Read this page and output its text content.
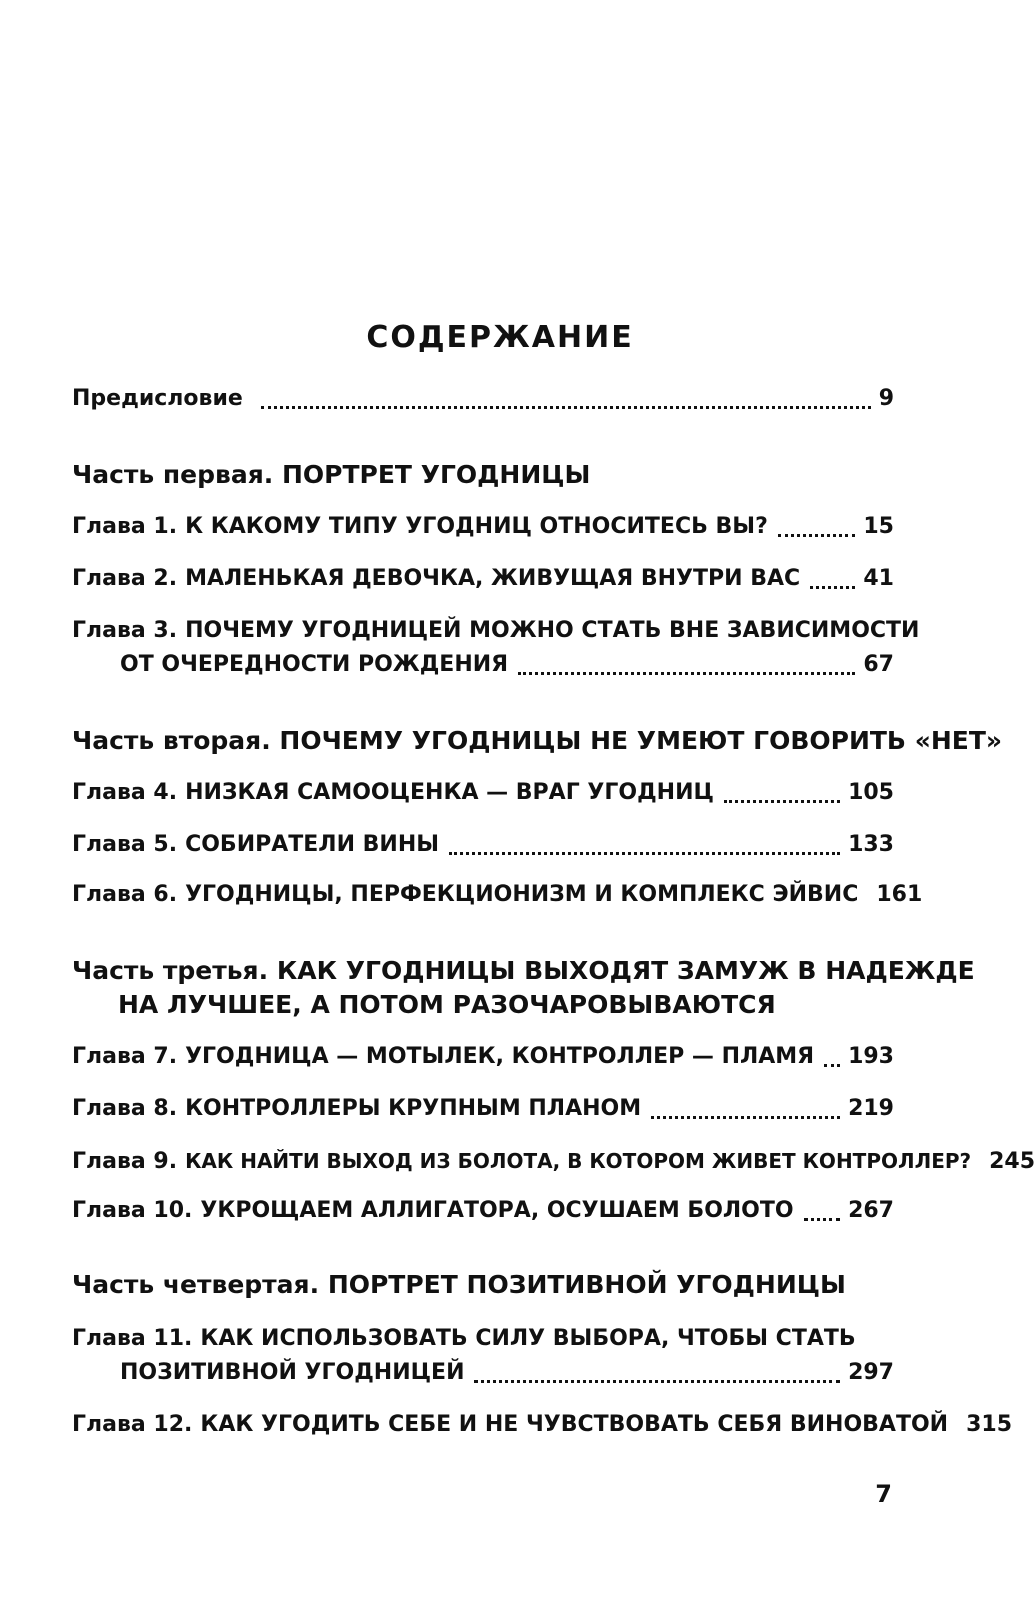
СОДЕРЖАНИЕ
Предисловие	9
Часть первая. ПОРТРЕТ УГОДНИЦЫ
Глава 1. К КАКОМУ ТИПУ УГОДНИЦ ОТНОСИТЕСЬ ВЫ?	15
Глава 2. МАЛЕНЬКАЯ ДЕВОЧКА, ЖИВУЩАЯ ВНУТРИ ВАС	41
Глава 3. ПОЧЕМУ УГОДНИЦЕЙ МОЖНО СТАТЬ ВНЕ ЗАВИСИМОСТИ
ОТ ОЧЕРЕДНОСТИ РОЖДЕНИЯ	67
Часть вторая. ПОЧЕМУ УГОДНИЦЫ НЕ УМЕЮТ ГОВОРИТЬ «НЕТ»
Глава 4. НИЗКАЯ САМООЦЕНКА — ВРАГ УГОДНИЦ	105
Глава 5. СОБИРАТЕЛИ ВИНЫ	133
Глава 6. УГОДНИЦЫ, ПЕРФЕКЦИОНИЗМ И КОМПЛЕКС ЭЙВИС 161
Часть третья. КАК УГОДНИЦЫ ВЫХОДЯТ ЗАМУЖ В НАДЕЖДЕ
НА ЛУЧШЕЕ, А ПОТОМ РАЗОЧАРОВЫВАЮТСЯ
Глава 7. УГОДНИЦА — МОТЫЛЕК, КОНТРОЛЛЕР — ПЛАМЯ 193
Глава 8. КОНТРОЛЛЕРЫ КРУПНЫМ ПЛАНОМ	219
Глава 9. КАК НАЙТИ ВЫХОД ИЗ БОЛОТА, В КОТОРОМ ЖИВЕТ КОНТРОЛЛЕР? 245
Глава 10. УКРОЩАЕМ АЛЛИГАТОРА, ОСУШАЕМ БОЛОТО 267
Часть четвертая. ПОРТРЕТ ПОЗИТИВНОЙ УГОДНИЦЫ
Глава 11. КАК ИСПОЛЬЗОВАТЬ СИЛУ ВЫБОРА, ЧТОБЫ СТАТЬ
ПОЗИТИВНОЙ УГОДНИЦЕЙ	297
Глава 12. КАК УГОДИТЬ СЕБЕ И НЕ ЧУВСТВОВАТЬ СЕБЯ ВИНОВАТОЙ 315
7
